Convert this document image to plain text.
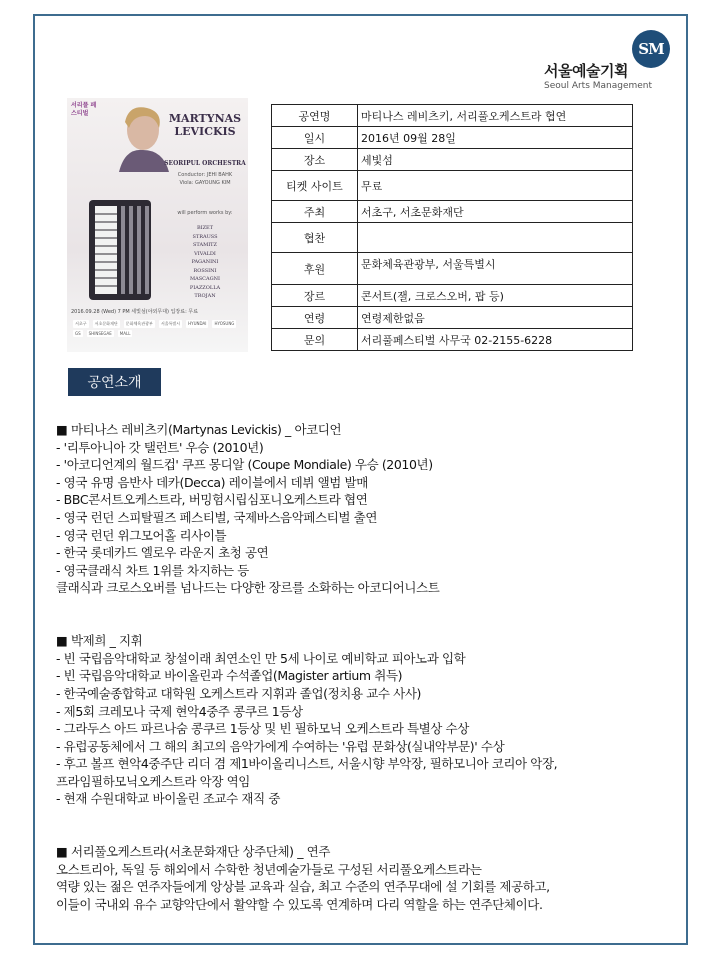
SM
서울예술기획
Seoul Arts Management
서리풀 페스티벌	MARTYNAS
LEVICKIS
SEORIPUL ORCHESTRA
Conductor: JEHI BAHK
Viola: GAYOUNG KIM
will perform works by:
BIZET
STRAUSS
STAMITZ
VIVALDI
PAGANINI
ROSSINI
MASCAGNI
PIAZZOLLA
TROJAN
2016.09.28 (Wed) 7 PM 세빛섬(야외무대) 입장료: 무료
서초구	서초문화재단	문화체육관광부	서울특별시	HYUNDAI	HYOSUNG
GS	SHINSEGAE	MALL
공연명	마티나스 레비츠키, 서리풀오케스트라 협연
일시	2016년 09월 28일
장소	세빛섬
티켓 사이트	무료
주최	서초구, 서초문화재단
협찬	
후원	문화체육관광부, 서울특별시
장르	콘서트(잴, 크로스오버, 팝 등)
연령	연령제한없음
문의	서리풀페스티벌 사무국 02-2155-6228
공연소개
■ 마티나스 레비츠키(Martynas Levickis) _ 아코디언
- '리투아니아 갓 탤런트' 우승 (2010년)
- '아코디언계의 월드컵' 쿠프 몽디알 (Coupe Mondiale) 우승 (2010년)
- 영국 유명 음반사 데카(Decca) 레이블에서 데뷔 앨범 발매
- BBC콘서트오케스트라, 버밍험시립심포니오케스트라 협연
- 영국 런던 스피탈필즈 페스티벌, 국제바스음악페스티벌 출연
- 영국 런던 위그모어홀 리사이틀
- 한국 롯데카드 엘로우 라운지 초청 공연
- 영국클래식 차트 1위를 차지하는 등
클래식과 크로스오버를 넘나드는 다양한 장르를 소화하는 아코디어니스트
■ 박제희 _ 지휘
- 빈 국립음악대학교 창설이래 최연소인 만 5세 나이로 예비학교 피아노과 입학
- 빈 국립음악대학교 바이올린과 수석졸업(Magister artium 취득)
- 한국예술종합학교 대학원 오케스트라 지휘과 졸업(정치용 교수 사사)
- 제5회 크레모나 국제 현악4중주 콩쿠르 1등상
- 그라두스 아드 파르나숨 콩쿠르 1등상 및 빈 필하모닉 오케스트라 특별상 수상
- 유럽공동체에서 그 해의 최고의 음악가에게 수여하는 '유럽 문화상(실내악부문)' 수상
- 후고 볼프 현악4중주단 리더 겸 제1바이올리니스트, 서울시향 부악장, 필하모니아 코리아 악장,
프라임필하모닉오케스트라 악장 역임
- 현재 수원대학교 바이올린 조교수 재직 중
■ 서리풀오케스트라(서초문화재단 상주단체) _ 연주
오스트리아, 독일 등 해외에서 수학한 청년예술가들로 구성된 서리풀오케스트라는
역량 있는 젊은 연주자들에게 앙상블 교육과 실습, 최고 수준의 연주무대에 설 기회를 제공하고,
이들이 국내외 유수 교향악단에서 활약할 수 있도록 연계하며 다리 역할을 하는 연주단체이다.
